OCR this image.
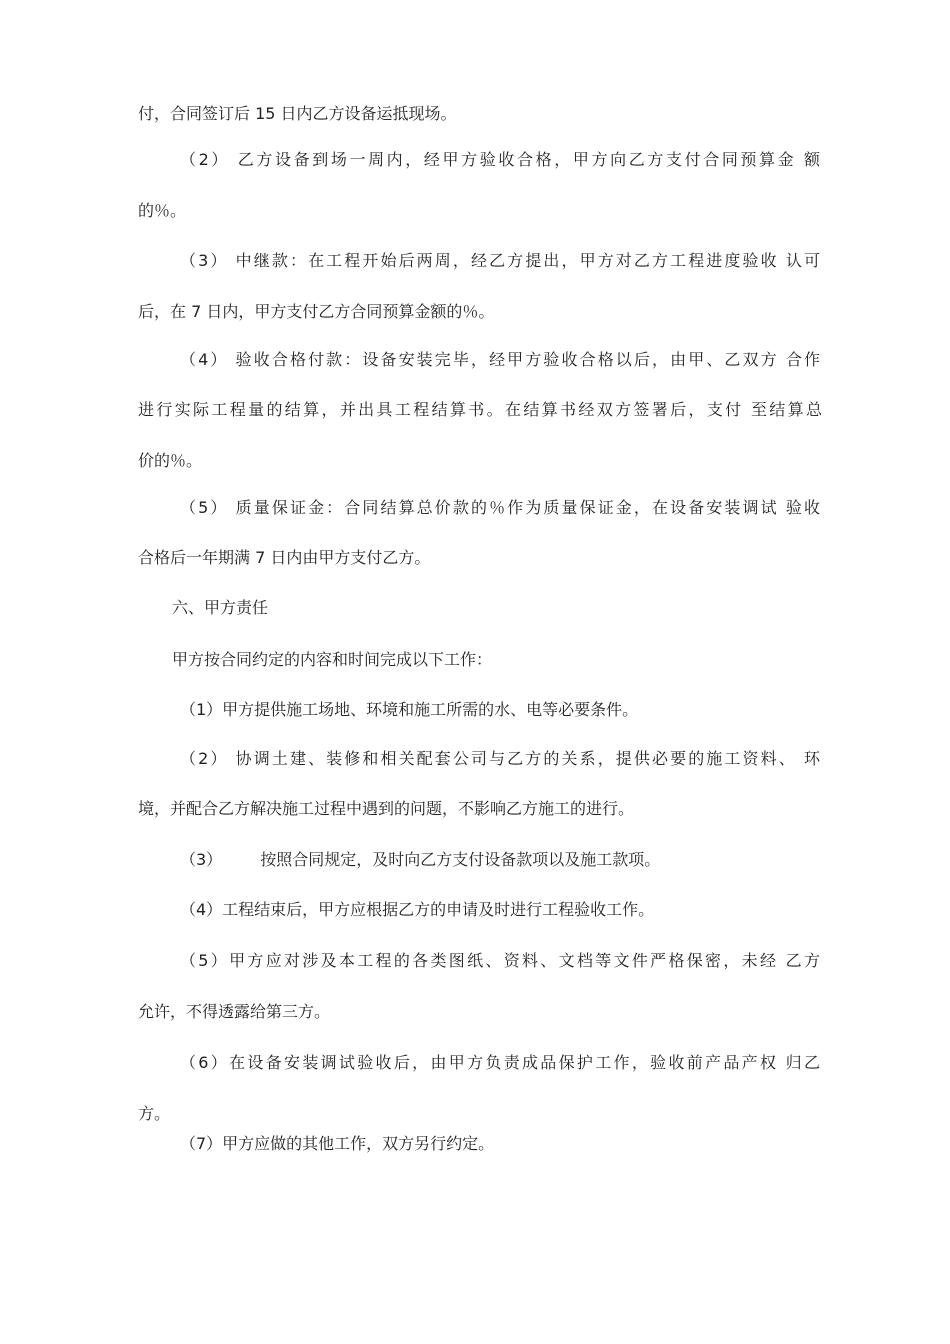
付，合同签订后 15 日内乙方设备运抵现场。
（2） 乙方设备到场一周内，经甲方验收合格，甲方向乙方支付合同预算金 额
的％。
（3） 中继款：在工程开始后两周，经乙方提出，甲方对乙方工程进度验收 认可
后，在 7 日内，甲方支付乙方合同预算金额的％。
（4） 验收合格付款：设备安装完毕，经甲方验收合格以后，由甲、乙双方 合作
进行实际工程量的结算，并出具工程结算书。在结算书经双方签署后，支付 至结算总
价的％。
（5） 质量保证金：合同结算总价款的％作为质量保证金，在设备安装调试 验收
合格后一年期满 7 日内由甲方支付乙方。
六、甲方责任
甲方按合同约定的内容和时间完成以下工作：
（1）甲方提供施工场地、环境和施工所需的水、电等必要条件。
（2） 协调土建、装修和相关配套公司与乙方的关系，提供必要的施工资料、 环
境，并配合乙方解决施工过程中遇到的问题，不影响乙方施工的进行。
（3） 按照合同规定，及时向乙方支付设备款项以及施工款项。
（4）工程结束后，甲方应根据乙方的申请及时进行工程验收工作。
（5）甲方应对涉及本工程的各类图纸、资料、文档等文件严格保密，未经 乙方
允许，不得透露给第三方。
（6）在设备安装调试验收后，由甲方负责成品保护工作，验收前产品产权 归乙
方。
（7）甲方应做的其他工作，双方另行约定。
